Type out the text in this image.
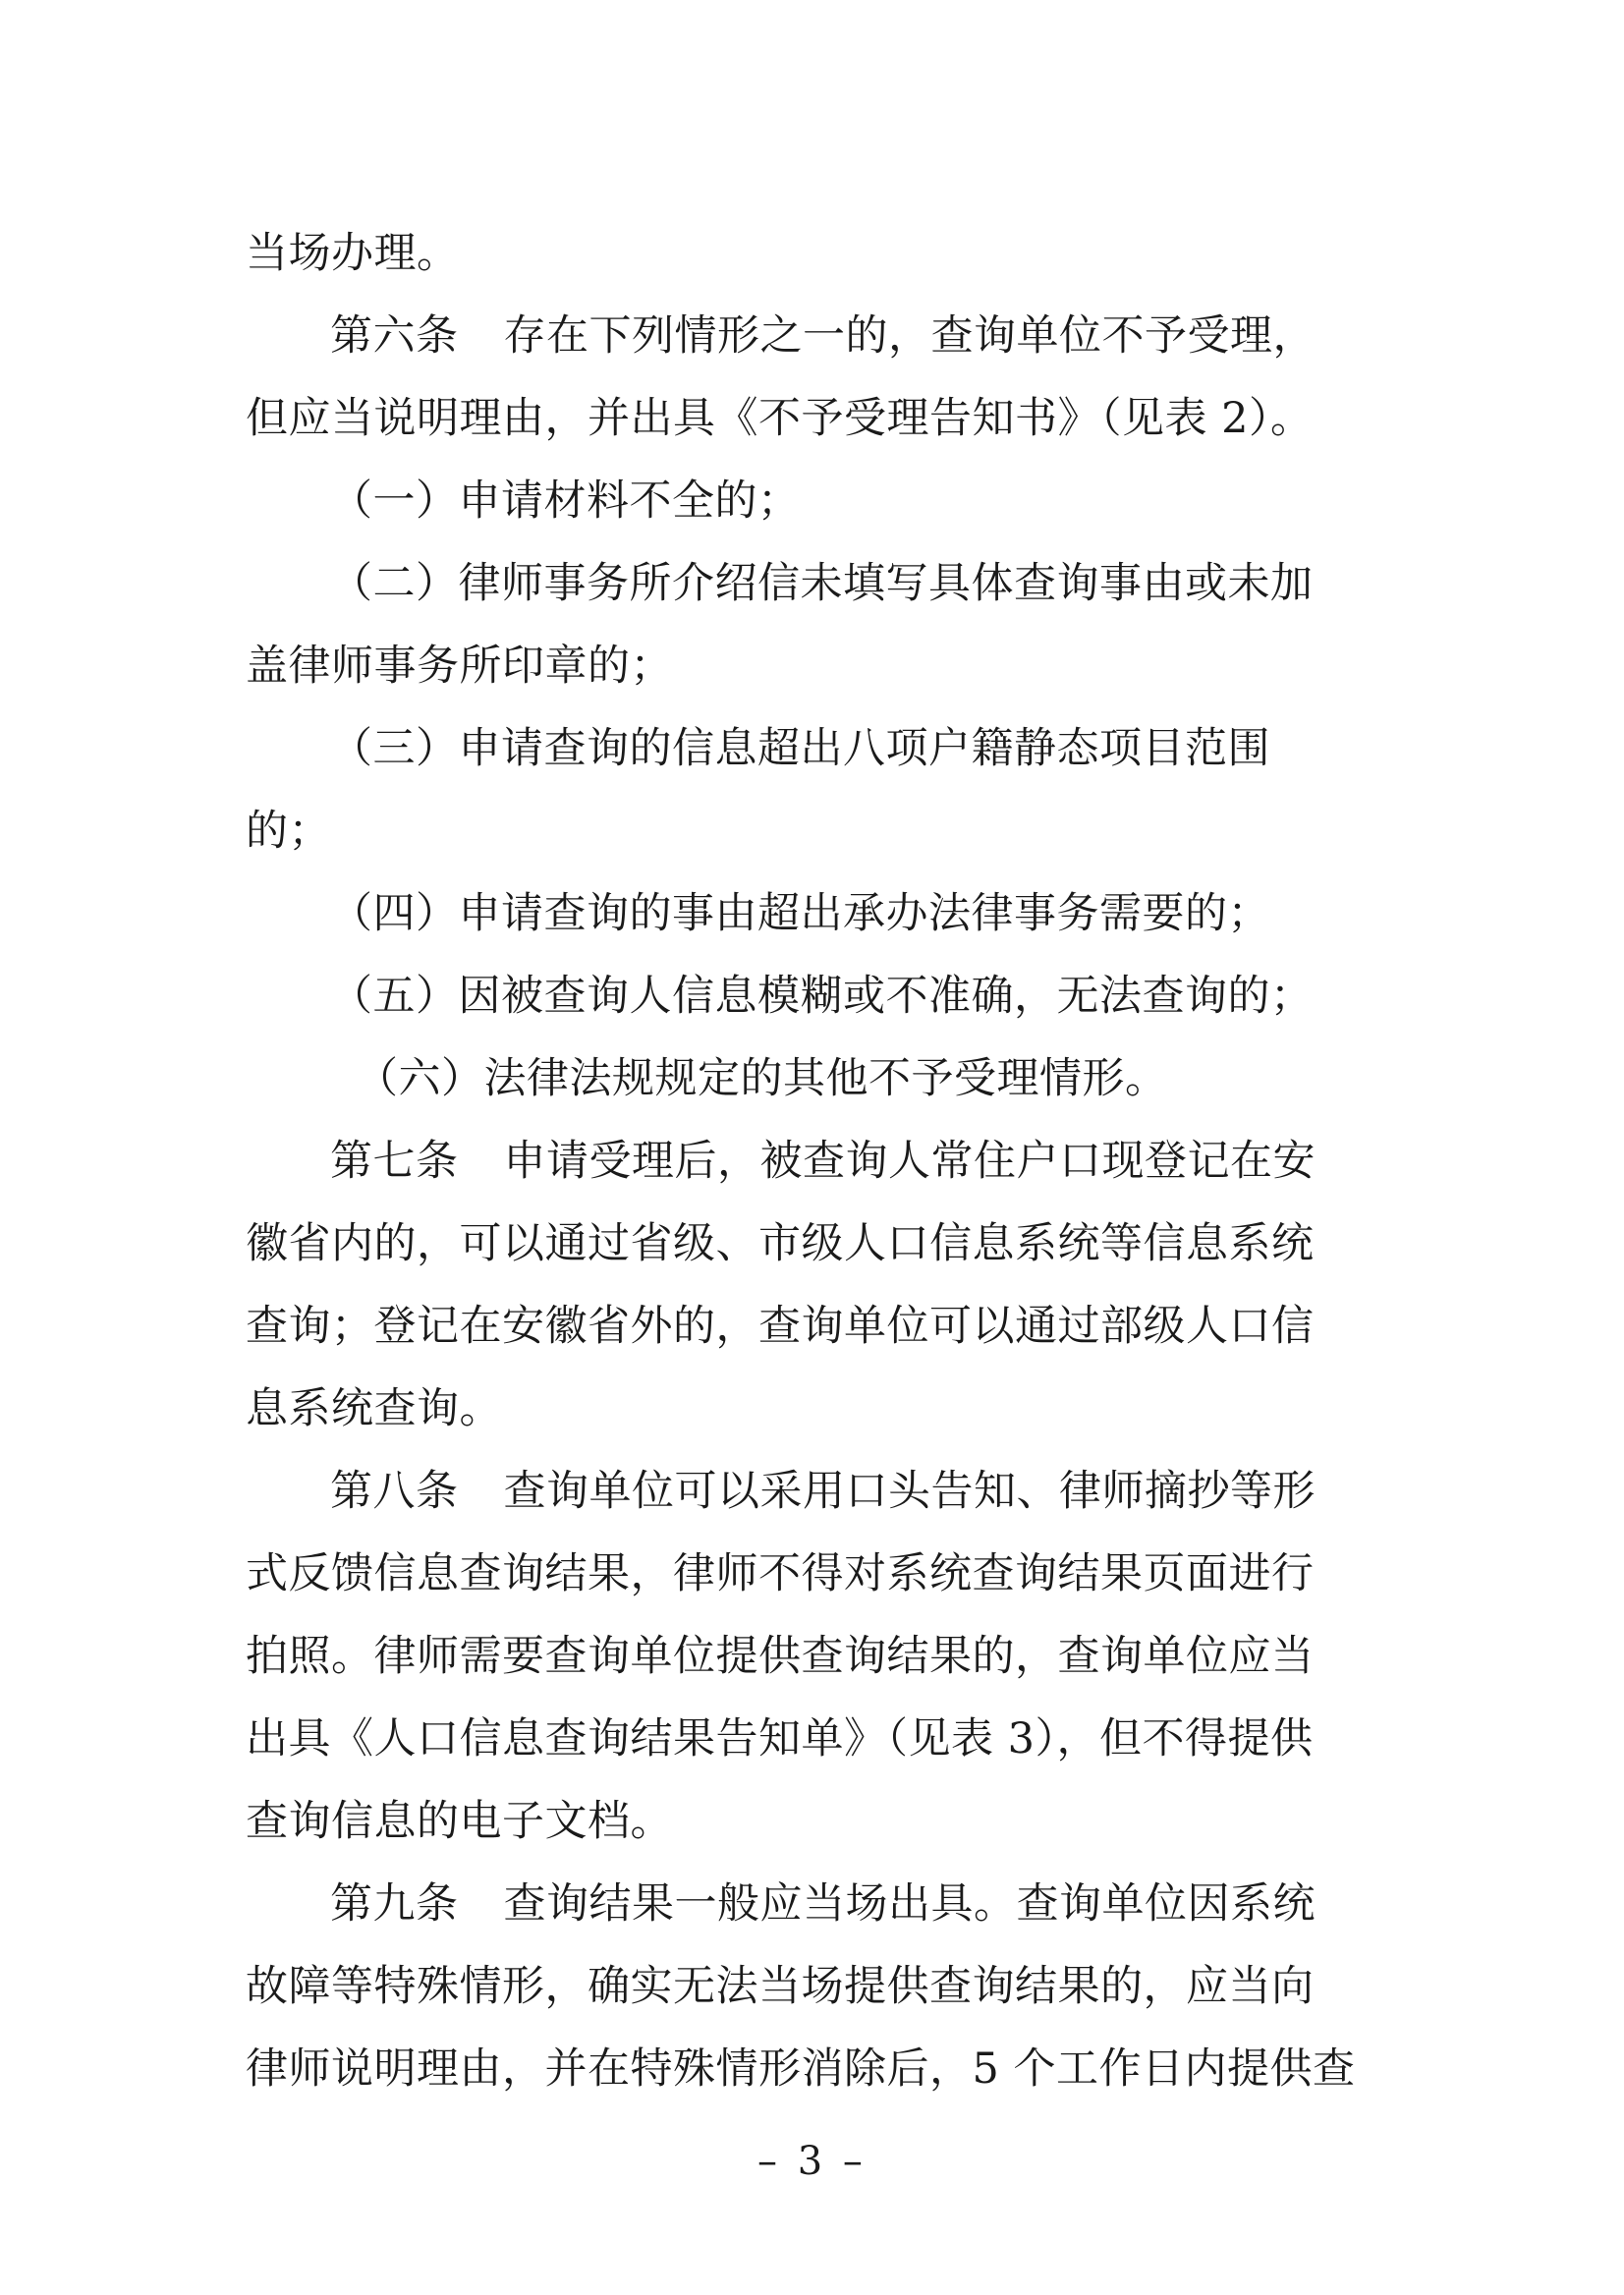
当场办理。
第六条 存在下列情形之一的，查询单位不予受理，
但应当说明理由，并出具《不予受理告知书》（见表 2）。
（一）申请材料不全的；
（二）律师事务所介绍信未填写具体查询事由或未加
盖律师事务所印章的；
（三）申请查询的信息超出八项户籍静态项目范围
的；
（四）申请查询的事由超出承办法律事务需要的；
（五）因被查询人信息模糊或不准确，无法查询的；
（六）法律法规规定的其他不予受理情形。
第七条 申请受理后，被查询人常住户口现登记在安
徽省内的，可以通过省级、市级人口信息系统等信息系统
查询；登记在安徽省外的，查询单位可以通过部级人口信
息系统查询。
第八条 查询单位可以采用口头告知、律师摘抄等形
式反馈信息查询结果，律师不得对系统查询结果页面进行
拍照。律师需要查询单位提供查询结果的，查询单位应当
出具《人口信息查询结果告知单》（见表 3），但不得提供
查询信息的电子文档。
第九条 查询结果一般应当场出具。查询单位因系统
故障等特殊情形，确实无法当场提供查询结果的，应当向
律师说明理由，并在特殊情形消除后，5 个工作日内提供查
– 3 –
